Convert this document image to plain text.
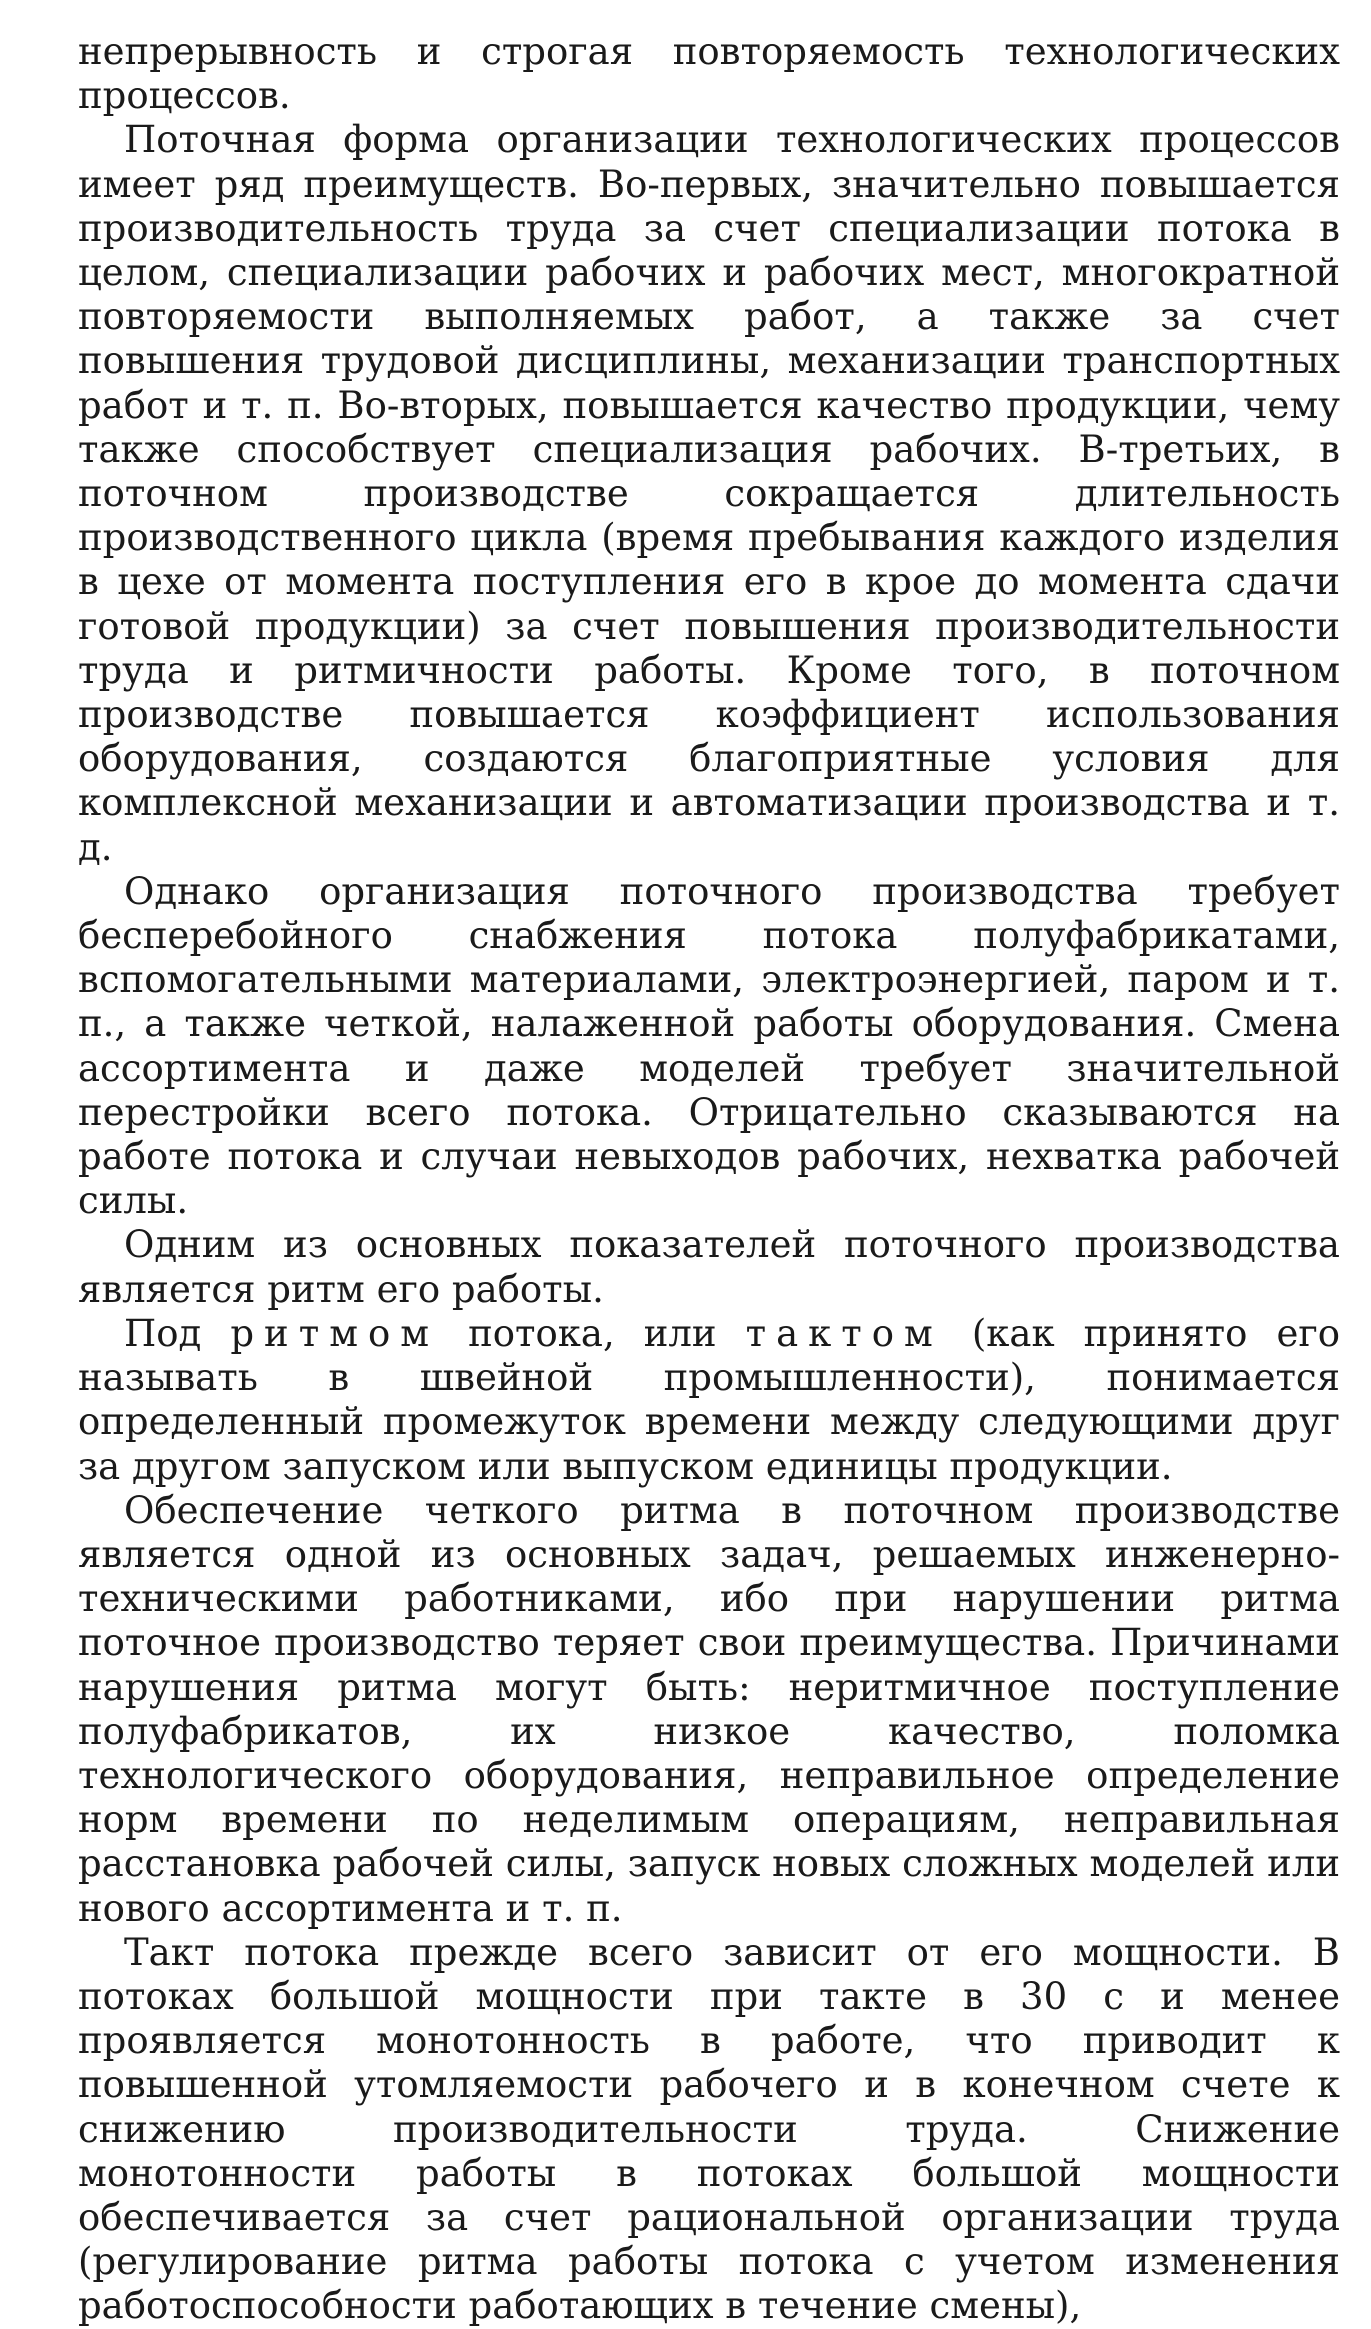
непрерывность и строгая повторяемость технологических процессов.

Поточная форма организации технологических процессов имеет ряд преимуществ. Во-первых, значительно повышается производительность труда за счет специализации потока в целом, специализации рабочих и рабочих мест, многократной повторяемости выполняемых работ, а также за счет повышения трудовой дисциплины, механизации транспортных работ и т. п. Во-вторых, повышается качество продукции, чему также способствует специализация рабочих. В-третьих, в поточном производстве сокращается длительность производственного цикла (время пребывания каждого изделия в цехе от момента поступления его в крое до момента сдачи готовой продукции) за счет повышения производительности труда и ритмичности работы. Кроме того, в поточном производстве повышается коэффициент использования оборудования, создаются благоприятные условия для комплексной механизации и автоматизации производства и т. д.

Однако организация поточного производства требует бесперебойного снабжения потока полуфабрикатами, вспомогательными материалами, электроэнергией, паром и т. п., а также четкой, налаженной работы оборудования. Смена ассортимента и даже моделей требует значительной перестройки всего потока. Отрицательно сказываются на работе потока и случаи невыходов рабочих, нехватка рабочей силы.

Одним из основных показателей поточного производства является ритм его работы.

Под ритмом потока, или тактом (как принято его называть в швейной промышленности), понимается определенный промежуток времени между следующими друг за другом запуском или выпуском единицы продукции.

Обеспечение четкого ритма в поточном производстве является одной из основных задач, решаемых инженерно-техническими работниками, ибо при нарушении ритма поточное производство теряет свои преимущества. Причинами нарушения ритма могут быть: неритмичное поступление полуфабрикатов, их низкое качество, поломка технологического оборудования, неправильное определение норм времени по неделимым операциям, неправильная расстановка рабочей силы, запуск новых сложных моделей или нового ассортимента и т. п.

Такт потока прежде всего зависит от его мощности. В потоках большой мощности при такте в 30 с и менее проявляется монотонность в работе, что приводит к повышенной утомляемости рабочего и в конечном счете к снижению производительности труда. Снижение монотонности работы в потоках большой мощности обеспечивается за счет рациональной организации труда (регулирование ритма работы потока с учетом изменения работоспособности работающих в течение смены),
